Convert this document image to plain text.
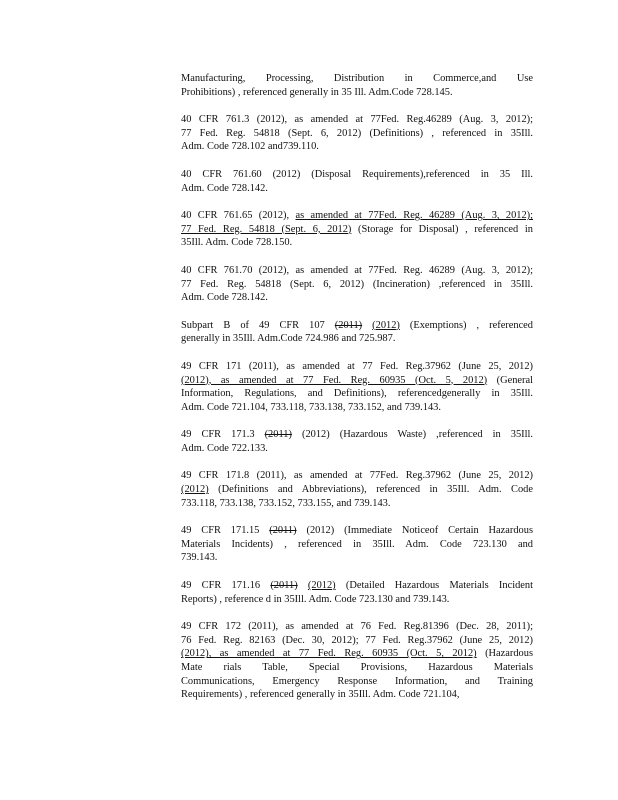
Manufacturing, Processing, Distribution in Commerce,and Use
Prohibitions) , referenced generally in 35 Ill. Adm.Code 728.145.
40 CFR 761.3 (2012), as amended at 77Fed. Reg.46289 (Aug. 3, 2012);
77 Fed. Reg. 54818 (Sept. 6, 2012) (Definitions) , referenced in 35Ill.
Adm. Code 728.102 and739.110.
40 CFR 761.60 (2012) (Disposal Requirements),referenced in 35 Ill.
Adm. Code 728.142.
40 CFR 761.65 (2012), as amended at 77Fed. Reg. 46289 (Aug. 3, 2012);
77 Fed. Reg. 54818 (Sept. 6, 2012) (Storage for Disposal) , referenced in
35Ill. Adm. Code 728.150.
40 CFR 761.70 (2012), as amended at 77Fed. Reg. 46289 (Aug. 3, 2012);
77 Fed. Reg. 54818 (Sept. 6, 2012) (Incineration) ,referenced in 35Ill.
Adm. Code 728.142.
Subpart B of 49 CFR 107 (2011) (2012) (Exemptions) , referenced
generally in 35Ill. Adm.Code 724.986 and 725.987.
49 CFR 171 (2011), as amended at 77 Fed. Reg.37962 (June 25, 2012)
(2012), as amended at 77 Fed. Reg. 60935 (Oct. 5, 2012) (General
Information, Regulations, and Definitions), referencedgenerally in 35Ill.
Adm. Code 721.104, 733.118, 733.138, 733.152, and 739.143.
49 CFR 171.3 (2011) (2012) (Hazardous Waste) ,referenced in 35Ill.
Adm. Code 722.133.
49 CFR 171.8 (2011), as amended at 77Fed. Reg.37962 (June 25, 2012)
(2012) (Definitions and Abbreviations), referenced in 35Ill. Adm. Code
733.118, 733.138, 733.152, 733.155, and 739.143.
49 CFR 171.15 (2011) (2012) (Immediate Noticeof Certain Hazardous
Materials Incidents) , referenced in 35Ill. Adm. Code 723.130 and
739.143.
49 CFR 171.16 (2011) (2012) (Detailed Hazardous Materials Incident
Reports) , reference d in 35Ill. Adm. Code 723.130 and 739.143.
49 CFR 172 (2011), as amended at 76 Fed. Reg.81396 (Dec. 28, 2011);
76 Fed. Reg. 82163 (Dec. 30, 2012); 77 Fed. Reg.37962 (June 25, 2012)
(2012), as amended at 77 Fed. Reg. 60935 (Oct. 5, 2012) (Hazardous
Mate rials Table, Special Provisions, Hazardous Materials
Communications, Emergency Response Information, and Training
Requirements) , referenced generally in 35Ill. Adm. Code 721.104,
